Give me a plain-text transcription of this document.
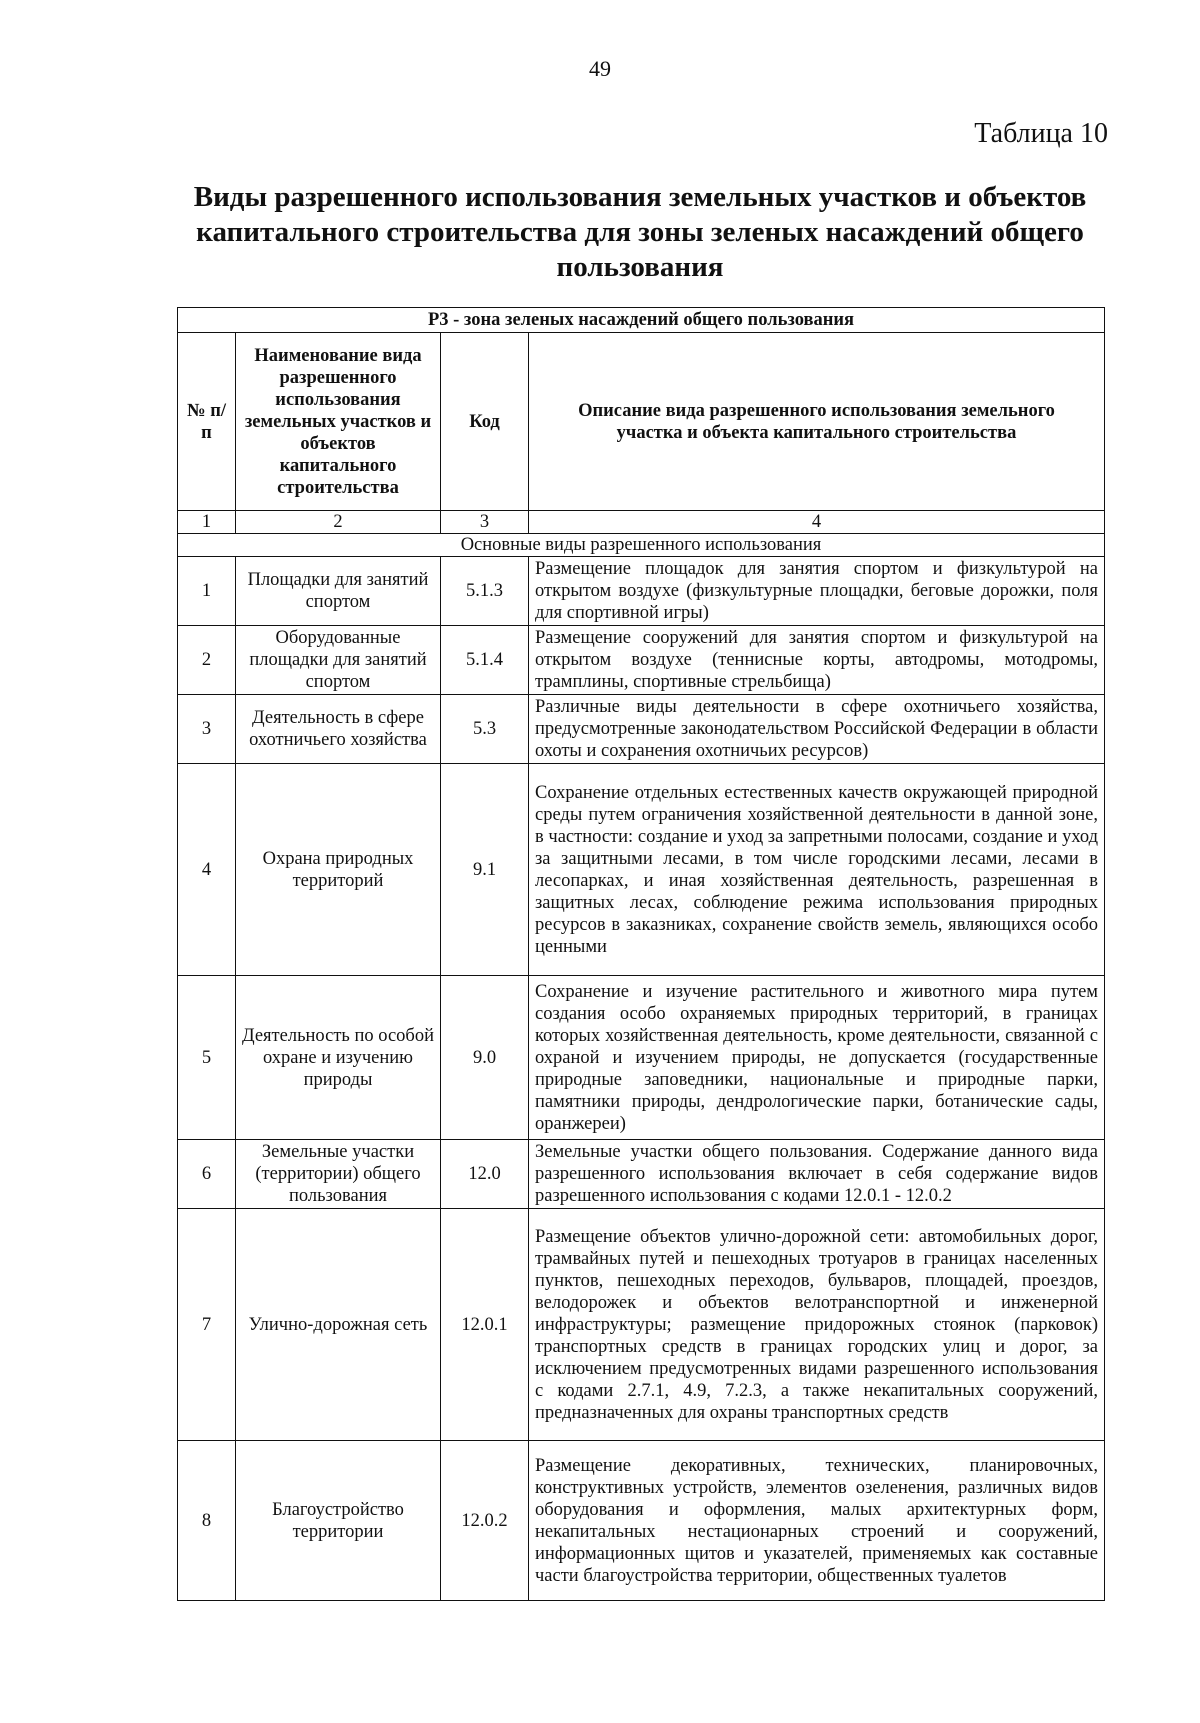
49
Таблица 10
Виды разрешенного использования земельных участков и объектов капитального строительства для зоны зеленых насаждений общего пользования
Р3 - зона зеленых насаждений общего пользования			
№ п/п	Наименование вида разрешенного использования земельных участков и объектов капитального строительства	Код	Описание вида разрешенного использования земельного участка и объекта капитального строительства
1	2	3	4
Основные виды разрешенного использования			
1	Площадки для занятий спортом	5.1.3	Размещение площадок для занятия спортом и физкультурой на открытом воздухе (физкультурные площадки, беговые дорожки, поля для спортивной игры)
2	Оборудованные площадки для занятий спортом	5.1.4	Размещение сооружений для занятия спортом и физкультурой на открытом воздухе (теннисные корты, автодромы, мотодромы, трамплины, спортивные стрельбища)
3	Деятельность в сфере охотничьего хозяйства	5.3	Различные виды деятельности в сфере охотничьего хозяйства, предусмотренные законодательством Российской Федерации в области охоты и сохранения охотничьих ресурсов)
4	Охрана природных территорий	9.1	Сохранение отдельных естественных качеств окружающей природной среды путем ограничения хозяйственной деятельности в данной зоне, в частности: создание и уход за запретными полосами, создание и уход за защитными лесами, в том числе городскими лесами, лесами в лесопарках, и иная хозяйственная деятельность, разрешенная в защитных лесах, соблюдение режима использования природных ресурсов в заказниках, сохранение свойств земель, являющихся особо ценными
5	Деятельность по особой охране и изучению природы	9.0	Сохранение и изучение растительного и животного мира путем создания особо охраняемых природных территорий, в границах которых хозяйственная деятельность, кроме деятельности, связанной с охраной и изучением природы, не допускается (государственные природные заповедники, национальные и природные парки, памятники природы, дендрологические парки, ботанические сады, оранжереи)
6	Земельные участки (территории) общего пользования	12.0	Земельные участки общего пользования. Содержание данного вида разрешенного использования включает в себя содержание видов разрешенного использования с кодами 12.0.1 - 12.0.2
7	Улично-дорожная сеть	12.0.1	Размещение объектов улично-дорожной сети: автомобильных дорог, трамвайных путей и пешеходных тротуаров в границах населенных пунктов, пешеходных переходов, бульваров, площадей, проездов, велодорожек и объектов велотранспортной и инженерной инфраструктуры; размещение придорожных стоянок (парковок) транспортных средств в границах городских улиц и дорог, за исключением предусмотренных видами разрешенного использования с кодами 2.7.1, 4.9, 7.2.3, а также некапитальных сооружений, предназначенных для охраны транспортных средств
8	Благоустройство территории	12.0.2	Размещение декоративных, технических, планировочных, конструктивных устройств, элементов озеленения, различных видов оборудования и оформления, малых архитектурных форм, некапитальных нестационарных строений и сооружений, информационных щитов и указателей, применяемых как составные части благоустройства территории, общественных туалетов
